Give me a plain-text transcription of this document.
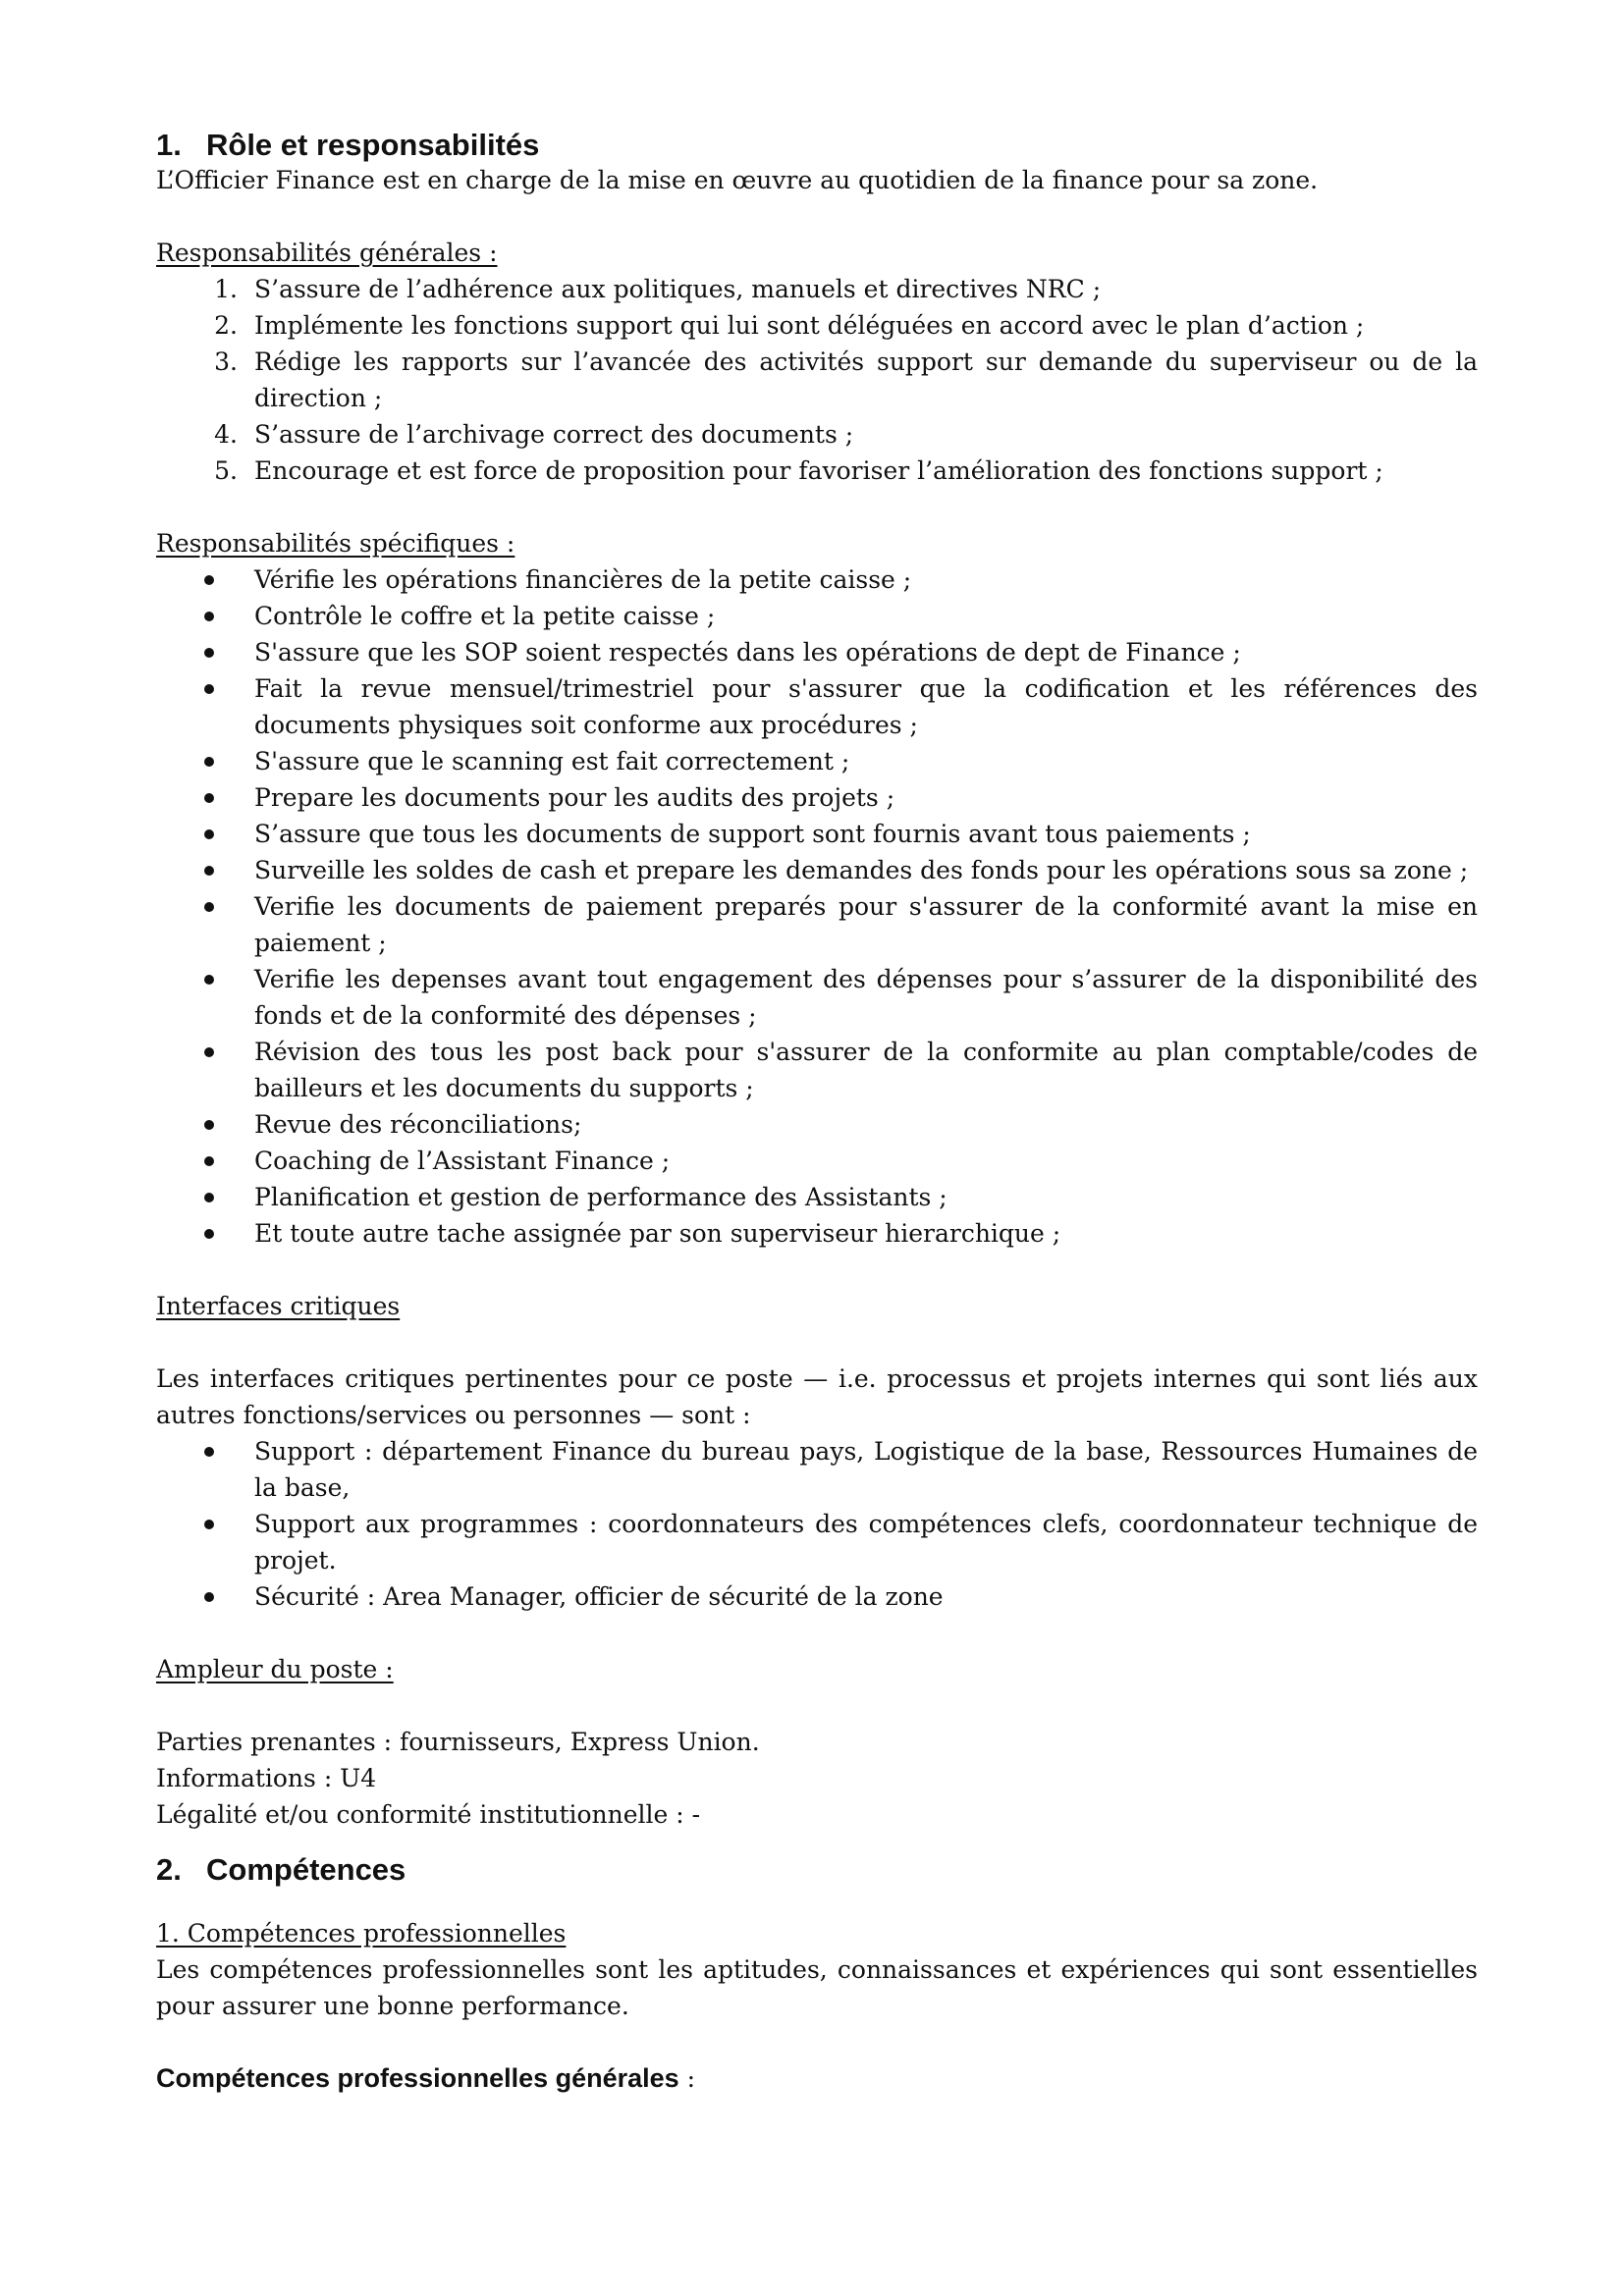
1. Rôle et responsabilités

L’Officier Finance est en charge de la mise en œuvre au quotidien de la finance pour sa zone.

Responsabilités générales :

1. S’assure de l’adhérence aux politiques, manuels et directives NRC ;
2. Implémente les fonctions support qui lui sont déléguées en accord avec le plan d’action ;
3. Rédige les rapports sur l’avancée des activités support sur demande du superviseur ou de la direction ;
4. S’assure de l’archivage correct des documents ;
5. Encourage et est force de proposition pour favoriser l’amélioration des fonctions support ;

Responsabilités spécifiques :

Vérifie les opérations financières de la petite caisse ;
Contrôle le coffre et la petite caisse ;
S'assure que les SOP soient respectés dans les opérations de dept de Finance ;
Fait la revue mensuel/trimestriel pour s'assurer que la codification et les références des documents physiques soit conforme aux procédures ;
S'assure que le scanning est fait correctement ;
Prepare les documents pour les audits des projets ;
S’assure que tous les documents de support sont fournis avant tous paiements ;
Surveille les soldes de cash et prepare les demandes des fonds pour les opérations sous sa zone ;
Verifie les documents de paiement preparés pour s'assurer de la conformité avant la mise en paiement ;
Verifie les depenses avant tout engagement des dépenses pour s’assurer de la disponibilité des fonds et de la conformité des dépenses ;
Révision des tous les post back pour s'assurer de la conformite au plan comptable/codes de bailleurs et les documents du supports ;
Revue des réconciliations;
Coaching de l’Assistant Finance ;
Planification et gestion de performance des Assistants ;
Et toute autre tache assignée par son superviseur hierarchique ;

Interfaces critiques

Les interfaces critiques pertinentes pour ce poste — i.e. processus et projets internes qui sont liés aux autres fonctions/services ou personnes — sont :

Support : département Finance du bureau pays, Logistique de la base, Ressources Humaines de la base,
Support aux programmes : coordonnateurs des compétences clefs, coordonnateur technique de projet.
Sécurité : Area Manager, officier de sécurité de la zone

Ampleur du poste :

Parties prenantes : fournisseurs, Express Union.

Informations : U4

Légalité et/ou conformité institutionnelle : -

2. Compétences

1. Compétences professionnelles

Les compétences professionnelles sont les aptitudes, connaissances et expériences qui sont essentielles pour assurer une bonne performance.

Compétences professionnelles générales :
